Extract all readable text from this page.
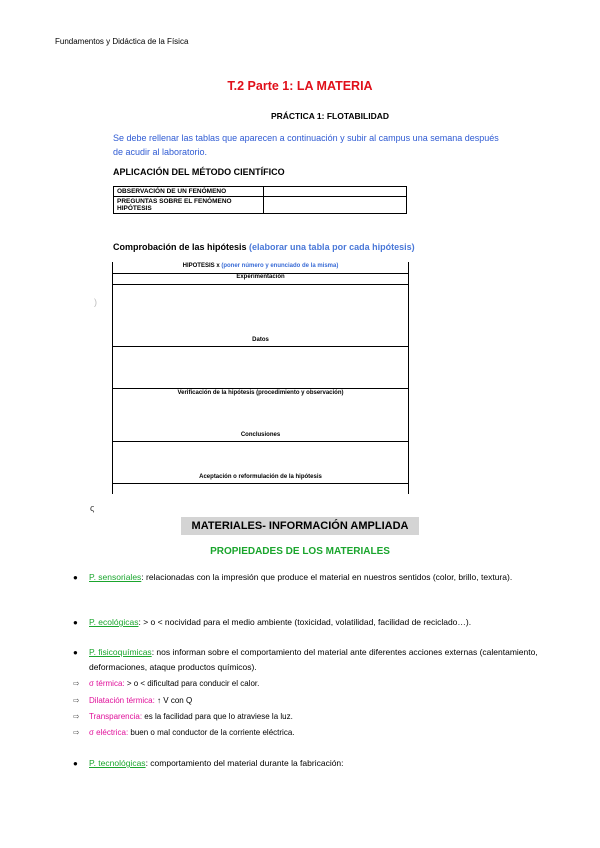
Fundamentos y Didáctica de la Física
T.2 Parte 1: LA MATERIA
PRÁCTICA 1: FLOTABILIDAD
Se debe rellenar las tablas que aparecen a continuación y subir al campus una semana después de acudir al laboratorio.
APLICACIÓN DEL MÉTODO CIENTÍFICO
OBSERVACIÓN DE UN FENÓMENO	

PREGUNTAS SOBRE EL FENÓMENO
HIPÓTESIS	

Comprobación de las hipótesis (elaborar una tabla por cada hipótesis)
HIPOTESIS x (poner número y enunciado de la misma)
Experimentación
Datos
Verificación de la hipótesis (procedimiento y observación)
Conclusiones
Aceptación o reformulación de la hipótesis
)
ς
MATERIALES- INFORMACIÓN AMPLIADA
PROPIEDADES DE LOS MATERIALES
● P. sensoriales: relacionadas con la impresión que produce el material en nuestros sentidos (color, brillo, textura).
● P. ecológicas: > o < nocividad para el medio ambiente (toxicidad, volatilidad, facilidad de reciclado…).
● P. fisicoquímicas: nos informan sobre el comportamiento del material ante diferentes acciones externas (calentamiento, deformaciones, ataque productos químicos).
⇨ σ térmica: > o < dificultad para conducir el calor.
⇨ Dilatación térmica: ↑ V con Q
⇨ Transparencia: es la facilidad para que lo atraviese la luz.
⇨ σ eléctrica: buen o mal conductor de la corriente eléctrica.
● P. tecnológicas: comportamiento del material durante la fabricación:
